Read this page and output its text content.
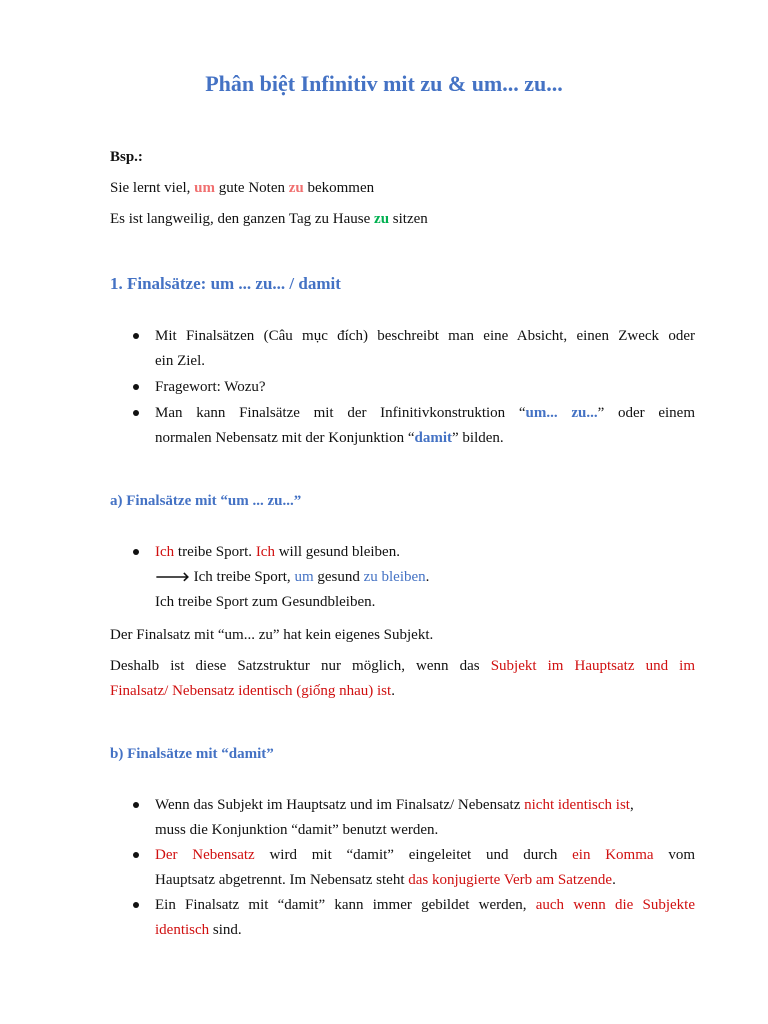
Phân biệt Infinitiv mit zu & um... zu...
Bsp.:
Sie lernt viel, um gute Noten zu bekommen
Es ist langweilig, den ganzen Tag zu Hause zu sitzen
1. Finalsätze: um ... zu... / damit
Mit Finalsätzen (Câu mục đích) beschreibt man eine Absicht, einen Zweck oder
ein Ziel.
Fragewort: Wozu?
Man kann Finalsätze mit der Infinitivkonstruktion “um... zu...” oder einem
normalen Nebensatz mit der Konjunktion “damit” bilden.
a) Finalsätze mit “um ... zu...”
Ich treibe Sport. Ich will gesund bleiben.
🡒 Ich treibe Sport, um gesund zu bleiben.
Ich treibe Sport zum Gesundbleiben.
Der Finalsatz mit “um... zu” hat kein eigenes Subjekt.
Deshalb ist diese Satzstruktur nur möglich, wenn das Subjekt im Hauptsatz und im
Finalsatz/ Nebensatz identisch (giống nhau) ist.
b) Finalsätze mit “damit”
Wenn das Subjekt im Hauptsatz und im Finalsatz/ Nebensatz nicht identisch ist,
muss die Konjunktion “damit” benutzt werden.
Der Nebensatz wird mit “damit” eingeleitet und durch ein Komma vom
Hauptsatz abgetrennt. Im Nebensatz steht das konjugierte Verb am Satzende.
Ein Finalsatz mit “damit” kann immer gebildet werden, auch wenn die Subjekte
identisch sind.
